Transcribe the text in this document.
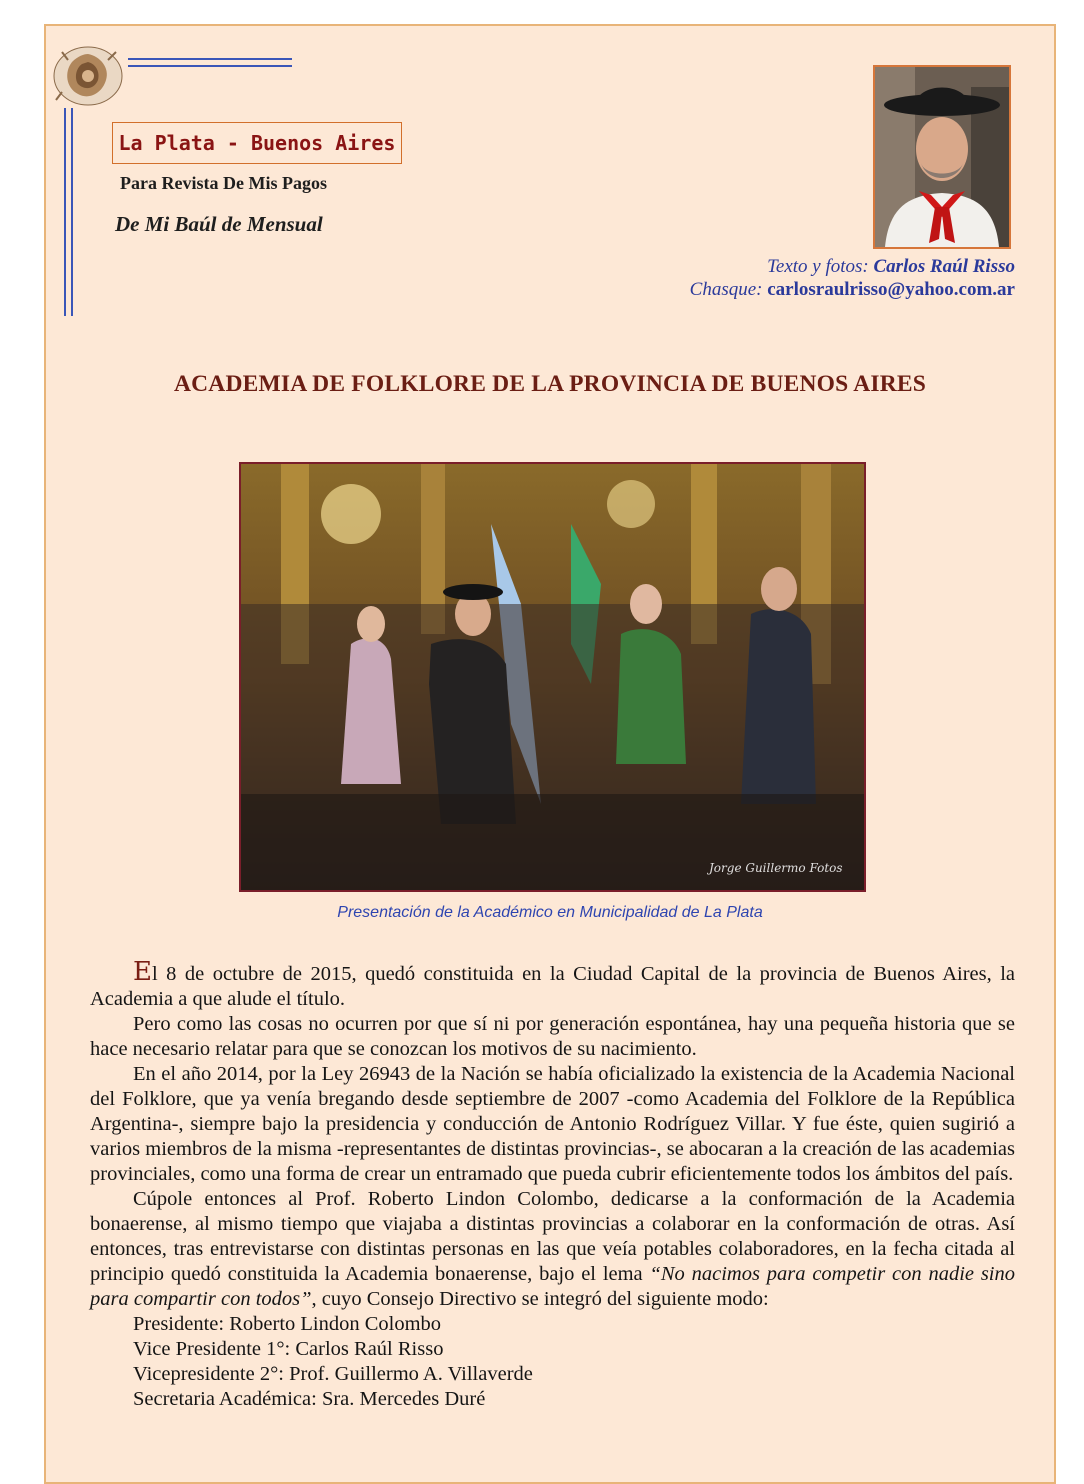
La Plata - Buenos Aires
Para Revista De Mis Pagos
De Mi Baúl de Mensual
Texto y fotos: Carlos Raúl Risso
Chasque: carlosraulrisso@yahoo.com.ar
ACADEMIA DE FOLKLORE DE LA PROVINCIA DE BUENOS AIRES
Jorge Guillermo Fotos
Presentación de la Académico en Municipalidad de La Plata

El 8 de octubre de 2015, quedó constituida en la Ciudad Capital de la provincia de Buenos Aires, la Academia a que alude el título.

Pero como las cosas no ocurren por que sí ni por generación espontánea, hay una pequeña historia que se hace necesario relatar para que se conozcan los motivos de su nacimiento.

En el año 2014, por la Ley 26943 de la Nación se había oficializado la existencia de la Academia Nacional del Folklore, que ya venía bregando desde septiembre de 2007 -como Academia del Folklore de la República Argentina-, siempre bajo la presidencia y conducción de Antonio Rodríguez Villar. Y fue éste, quien sugirió a varios miembros de la misma -representantes de distintas provincias-, se abocaran a la creación de las academias provinciales, como una forma de crear un entramado que pueda cubrir eficientemente todos los ámbitos del país.

Cúpole entonces al Prof. Roberto Lindon Colombo, dedicarse a la conformación de la Academia bonaerense, al mismo tiempo que viajaba a distintas provincias a colaborar en la conformación de otras. Así entonces, tras entrevistarse con distintas personas en las que veía potables colaboradores, en la fecha citada al principio quedó constituida la Academia bonaerense, bajo el lema “No nacimos para competir con nadie sino para compartir con todos”, cuyo Consejo Directivo se integró del siguiente modo:

Presidente: Roberto Lindon Colombo
Vice Presidente 1°: Carlos Raúl Risso
Vicepresidente 2°: Prof. Guillermo A. Villaverde
Secretaria Académica: Sra. Mercedes Duré
